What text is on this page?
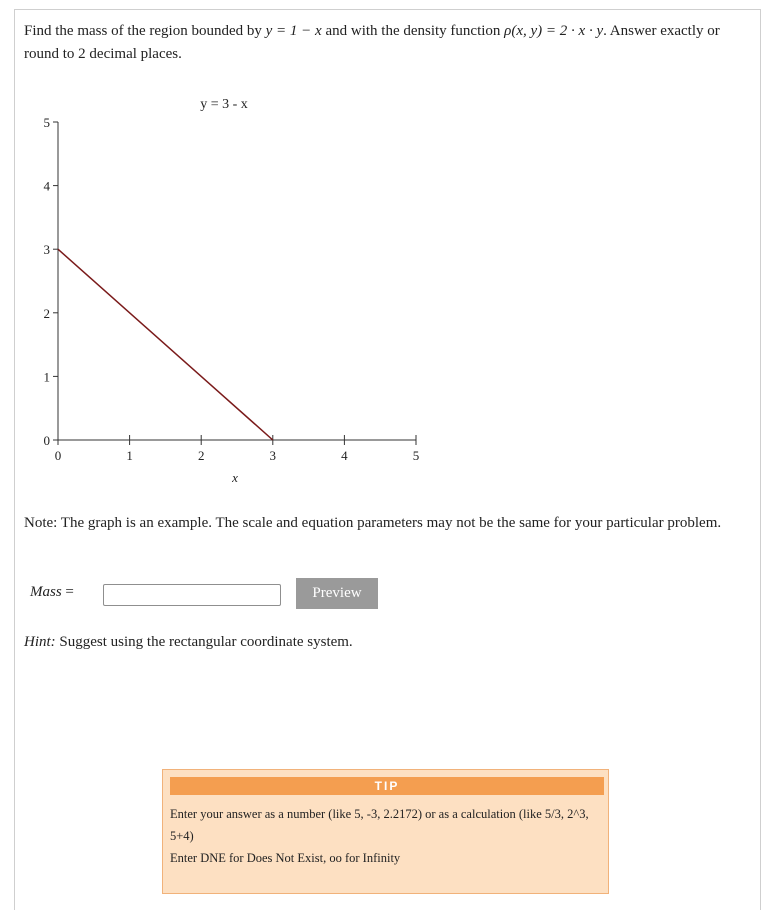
Find the mass of the region bounded by y = 1 − x and with the density function ρ(x, y) = 2 · x · y. Answer exactly or round to 2 decimal places.
y = 3 - x
0	1	2	3	4	5
0
1
2
3
4
5
x
Note: The graph is an example. The scale and equation parameters may not be the same for your particular problem.
Mass =	Preview
Hint: Suggest using the rectangular coordinate system.
TIP
Enter your answer as a number (like 5, -3, 2.2172) or as a calculation (like 5/3, 2^3, 5+4)
Enter DNE for Does Not Exist, oo for Infinity
